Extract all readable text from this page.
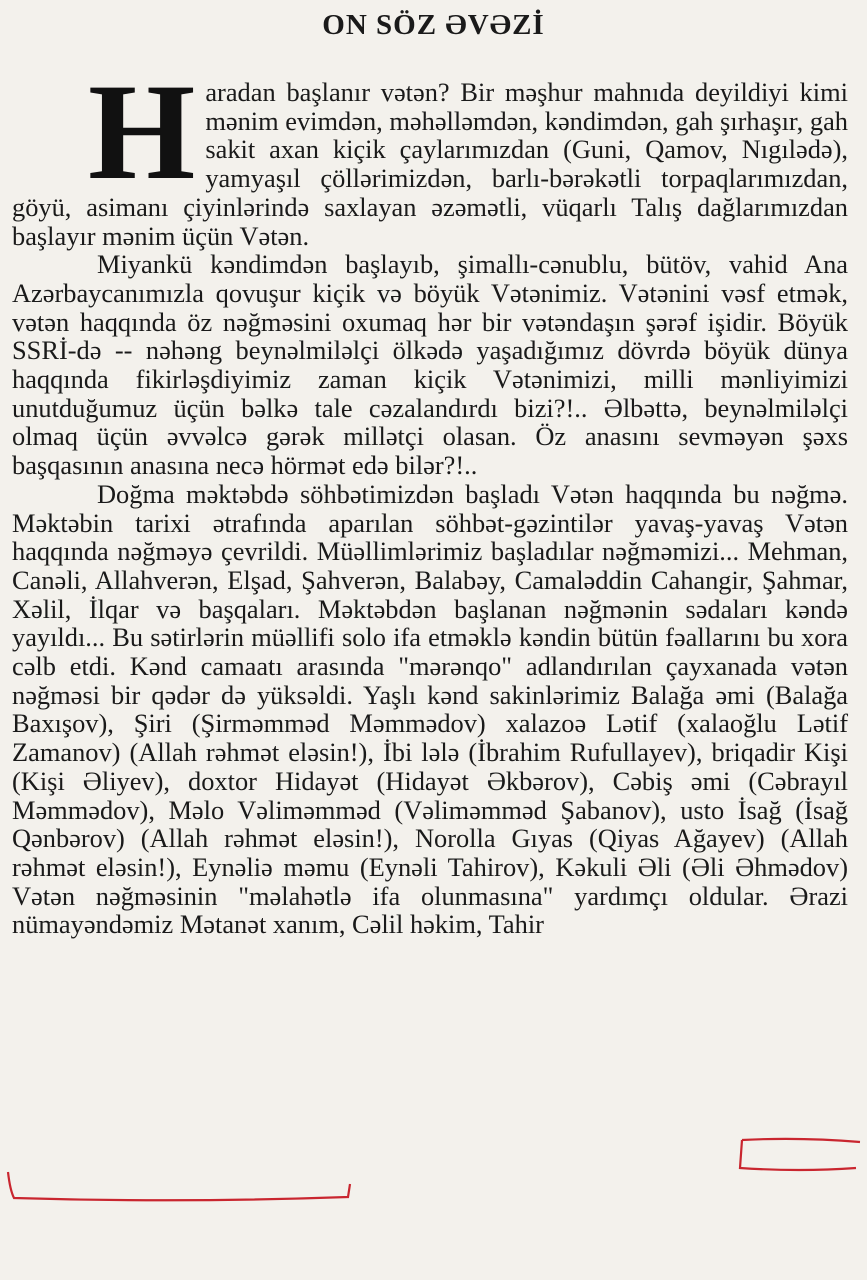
ON SÖZ ƏVƏZİ

Haradan başlanır vətən? Bir məşhur mahnıda deyildiyi kimi mənim evimdən, məhəlləmdən, kəndimdən, gah şırhaşır, gah sakit axan kiçik çaylarımızdan (Guni, Qamov, Nıgılədə), yamyaşıl çöllərimizdən, barlı-bərəkətli torpaqlarımızdan, göyü, asimanı çiyinlərində saxlayan əzəmətli, vüqarlı Talış dağlarımızdan başlayır mənim üçün Vətən.

Miyankü kəndimdən başlayıb, şimallı-cənublu, bütöv, vahid Ana Azərbaycanımızla qovuşur kiçik və böyük Vətənimiz. Vətənini vəsf etmək, vətən haqqında öz nəğməsini oxumaq hər bir vətəndaşın şərəf işidir. Böyük SSRİ-də -- nəhəng beynəlmiləlçi ölkədə yaşadığımız dövrdə böyük dünya haqqında fikirləşdiyimiz zaman kiçik Vətənimizi, milli mənliyimizi unutduğumuz üçün bəlkə tale cəzalandırdı bizi?!.. Əlbəttə, beynəlmiləlçi olmaq üçün əvvəlcə gərək millətçi olasan. Öz anasını sevməyən şəxs başqasının anasına necə hörmət edə bilər?!..

Doğma məktəbdə söhbətimizdən başladı Vətən haqqında bu nəğmə. Məktəbin tarixi ətrafında aparılan söhbət-gəzintilər yavaş-yavaş Vətən haqqında nəğməyə çevrildi. Müəllimlərimiz başladılar nəğməmizi... Mehman, Canəli, Allahverən, Elşad, Şahverən, Balabəy, Camaləddin Cahangir, Şahmar, Xəlil, İlqar və başqaları. Məktəbdən başlanan nəğmənin sədaları kəndə yayıldı... Bu sətirlərin müəllifi solo ifa etməklə kəndin bütün fəallarını bu xora cəlb etdi. Kənd camaatı arasında "mərənqo" adlandırılan çayxanada vətən nəğməsi bir qədər də yüksəldi. Yaşlı kənd sakinlərimiz Balağa əmi (Balağa Baxışov), Şiri (Şirməmməd Məmmədov) xalazoə Lətif (xalaoğlu Lətif Zamanov) (Allah rəhmət eləsin!), İbi lələ (İbrahim Rufullayev), briqadir Kişi (Kişi Əliyev), doxtor Hidayət (Hidayət Əkbərov), Cəbiş əmi (Cəbrayıl Məmmədov), Məlo Vəliməmməd (Vəliməmməd Şabanov), usto İsağ (İsağ Qənbərov) (Allah rəhmət eləsin!), Norolla Gıyas (Qiyas Ağayev) (Allah rəhmət eləsin!), Eynəliə məmu (Eynəli Tahirov), Kəkuli Əli (Əli Əhmədov) Vətən nəğməsinin "məlahətlə ifa olunmasına" yardımçı oldular. Ərazi nümayəndəmiz Mətanət xanım, Cəlil həkim, Tahir
